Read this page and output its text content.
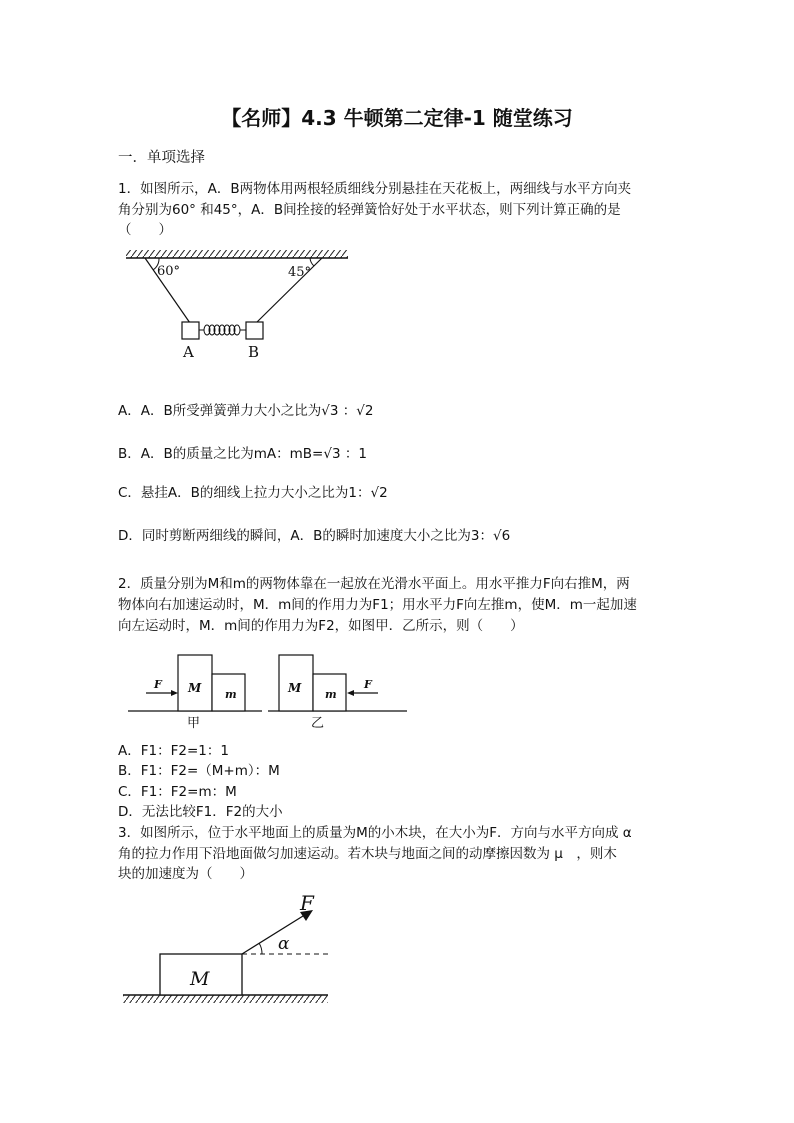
【名师】4.3 牛顿第二定律-1 随堂练习

一．单项选择

1．如图所示，A．B两物体用两根轻质细线分别悬挂在天花板上，两细线与水平方向夹

角分别为60° 和45°，A．B间拴接的轻弹簧恰好处于水平状态，则下列计算正确的是

（　　）

60°	45°
A	B

A．A．B所受弹簧弹力大小之比为√3 ：√2

B．A．B的质量之比为mA：mB=√3 ：1

C．悬挂A．B的细线上拉力大小之比为1：√2

D．同时剪断两细线的瞬间，A．B的瞬时加速度大小之比为3：√6

2．质量分别为M和m的两物体靠在一起放在光滑水平面上。用水平推力F向右推M，两

物体向右加速运动时，M．m间的作用力为F1；用水平力F向左推m，使M．m一起加速

向左运动时，M．m间的作用力为F2，如图甲．乙所示，则（　　）

F M m
甲
F
M m
乙

A．F1：F2=1：1

B．F1：F2=（M+m）：M

C．F1：F2=m：M

D．无法比较F1．F2的大小

3．如图所示，位于水平地面上的质量为M的小木块，在大小为F．方向与水平方向成 α

角的拉力作用下沿地面做匀加速运动。若木块与地面之间的动摩擦因数为 μ　，则木

块的加速度为（　　）

M
α
F
